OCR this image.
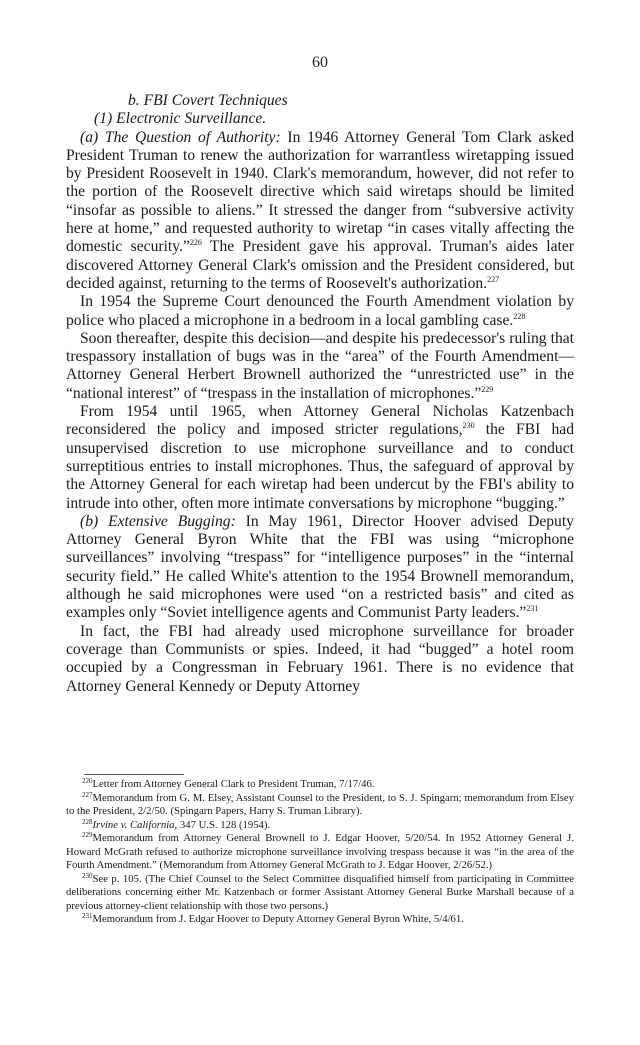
60

b. FBI Covert Techniques

(1) Electronic Surveillance.

(a) The Question of Authority: In 1946 Attorney General Tom Clark asked President Truman to renew the authorization for warrantless wiretapping issued by President Roosevelt in 1940. Clark's memorandum, however, did not refer to the portion of the Roosevelt directive which said wiretaps should be limited “insofar as possible to aliens.” It stressed the danger from “subversive activity here at home,” and requested authority to wiretap “in cases vitally affecting the domestic security.”$^{226}$ The President gave his approval. Truman's aides later discovered Attorney General Clark's omission and the President considered, but decided against, returning to the terms of Roosevelt's authorization.$^{227}$

In 1954 the Supreme Court denounced the Fourth Amendment violation by police who placed a microphone in a bedroom in a local gambling case.$^{228}$

Soon thereafter, despite this decision—and despite his predecessor's ruling that trespassory installation of bugs was in the “area” of the Fourth Amendment—Attorney General Herbert Brownell authorized the “unrestricted use” in the “national interest” of “trespass in the installation of microphones.”$^{229}$

From 1954 until 1965, when Attorney General Nicholas Katzenbach reconsidered the policy and imposed stricter regulations,$^{230}$ the FBI had unsupervised discretion to use microphone surveillance and to conduct surreptitious entries to install microphones. Thus, the safeguard of approval by the Attorney General for each wiretap had been undercut by the FBI's ability to intrude into other, often more intimate conversations by microphone “bugging.”

(b) Extensive Bugging: In May 1961, Director Hoover advised Deputy Attorney General Byron White that the FBI was using “microphone surveillances” involving “trespass” for “intelligence purposes” in the “internal security field.” He called White's attention to the 1954 Brownell memorandum, although he said microphones were used “on a restricted basis” and cited as examples only “Soviet intelligence agents and Communist Party leaders.”$^{231}$

In fact, the FBI had already used microphone surveillance for broader coverage than Communists or spies. Indeed, it had “bugged” a hotel room occupied by a Congressman in February 1961. There is no evidence that Attorney General Kennedy or Deputy Attorney

$^{226}$Letter from Attorney General Clark to President Truman, 7/17/46.

$^{227}$Memorandum from G. M. Elsey, Assistant Counsel to the President, to S. J. Spingarn; memorandum from Elsey to the President, 2/2/50. (Spingarn Papers, Harry S. Truman Library).

$^{228}$Irvine v. California, 347 U.S. 128 (1954).

$^{229}$Memorandum from Attorney General Brownell to J. Edgar Hoover, 5/20/54. In 1952 Attorney General J. Howard McGrath refused to authorize microphone surveillance involving trespass because it was “in the area of the Fourth Amendment.” (Memorandum from Attorney General McGrath to J. Edgar Hoover, 2/26/52.)

$^{230}$See p. 105. (The Chief Counsel to the Select Committee disqualified himself from participating in Committee deliberations concerning either Mr. Katzenbach or former Assistant Attorney General Burke Marshall because of a previous attorney-client relationship with those two persons.)

$^{231}$Memorandum from J. Edgar Hoover to Deputy Attorney General Byron White, 5/4/61.
